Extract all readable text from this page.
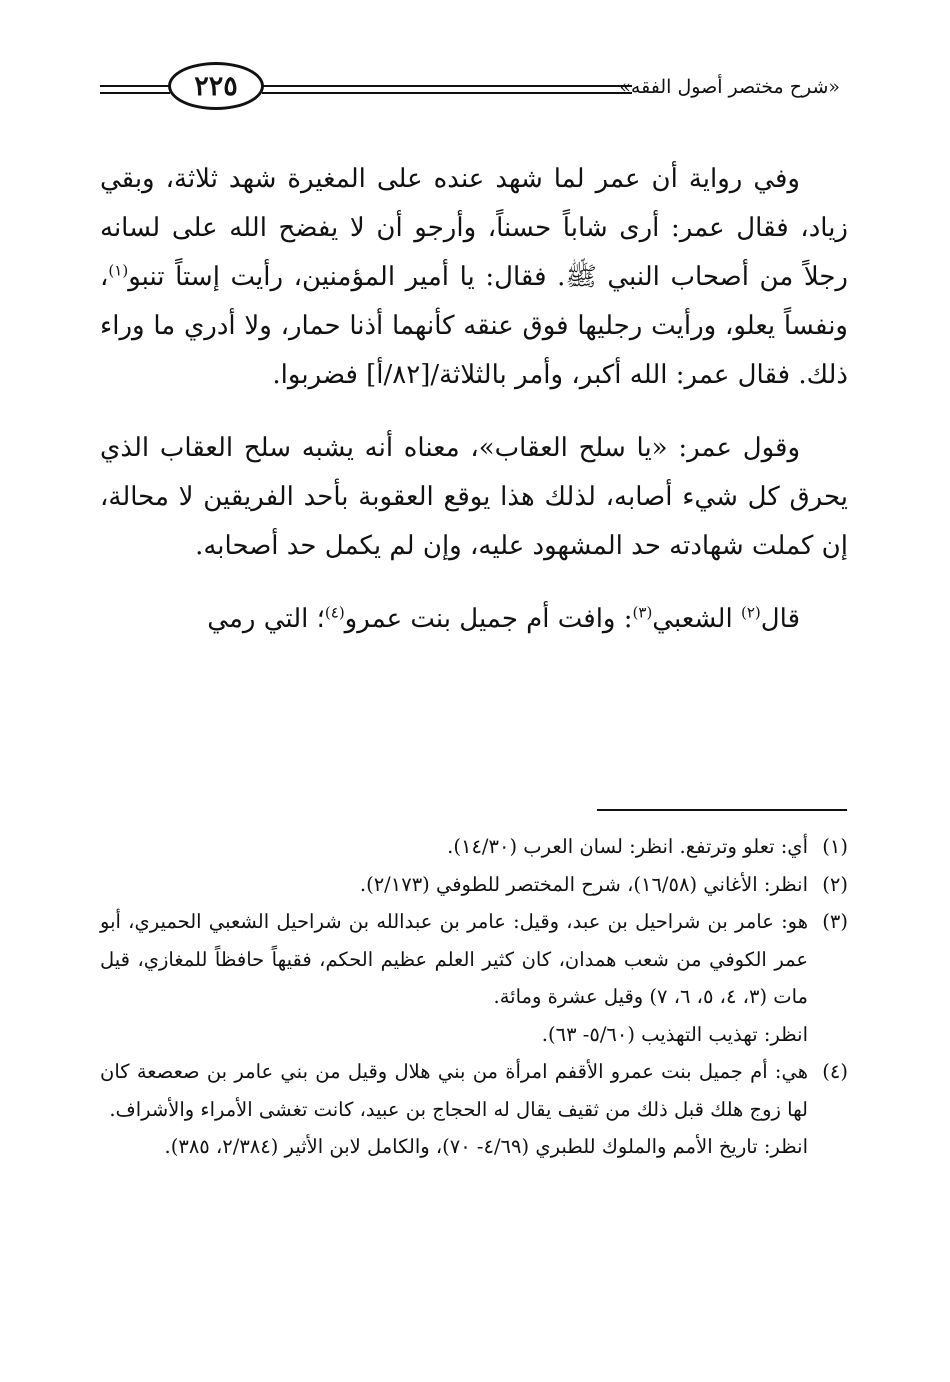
٢٢٥	«شرح مختصر أصول الفقه»

وفي رواية أن عمر لما شهد عنده على المغيرة شهد ثلاثة، وبقي زياد، فقال عمر: أرى شاباً حسناً، وأرجو أن لا يفضح الله على لسانه رجلاً من أصحاب النبي ﷺ. فقال: يا أمير المؤمنين، رأيت إستاً تنبو$^{(١)}$، ونفساً يعلو، ورأيت رجليها فوق عنقه كأنهما أذنا حمار، ولا أدري ما وراء ذلك. فقال عمر: الله أكبر، وأمر بالثلاثة/[٨٢/أ] فضربوا.

وقول عمر: «يا سلح العقاب»، معناه أنه يشبه سلح العقاب الذي يحرق كل شيء أصابه، لذلك هذا يوقع العقوبة بأحد الفريقين لا محالة، إن كملت شهادته حد المشهود عليه، وإن لم يكمل حد أصحابه.

قال$^{(٢)}$ الشعبي$^{(٣)}$: وافت أم جميل بنت عمرو$^{(٤)}$؛ التي رمي

(١)
أي: تعلو وترتفع. انظر: لسان العرب (١٤/٣٠).
(٢)
انظر: الأغاني (١٦/٥٨)، شرح المختصر للطوفي (٢/١٧٣).
(٣)
هو: عامر بن شراحيل بن عبد، وقيل: عامر بن عبدالله بن شراحيل الشعبي الحميري، أبو عمر الكوفي من شعب همدان، كان كثير العلم عظيم الحكم، فقيهاً حافظاً للمغازي، قيل مات (٣، ٤، ٥، ٦، ٧) وقيل عشرة ومائة.
انظر: تهذيب التهذيب (٥/٦٠- ٦٣).
(٤)
هي: أم جميل بنت عمرو الأقفم امرأة من بني هلال وقيل من بني عامر بن صعصعة كان لها زوج هلك قبل ذلك من ثقيف يقال له الحجاج بن عبيد، كانت تغشى الأمراء والأشراف.
انظر: تاريخ الأمم والملوك للطبري (٤/٦٩- ٧٠)، والكامل لابن الأثير (٢/٣٨٤، ٣٨٥).
